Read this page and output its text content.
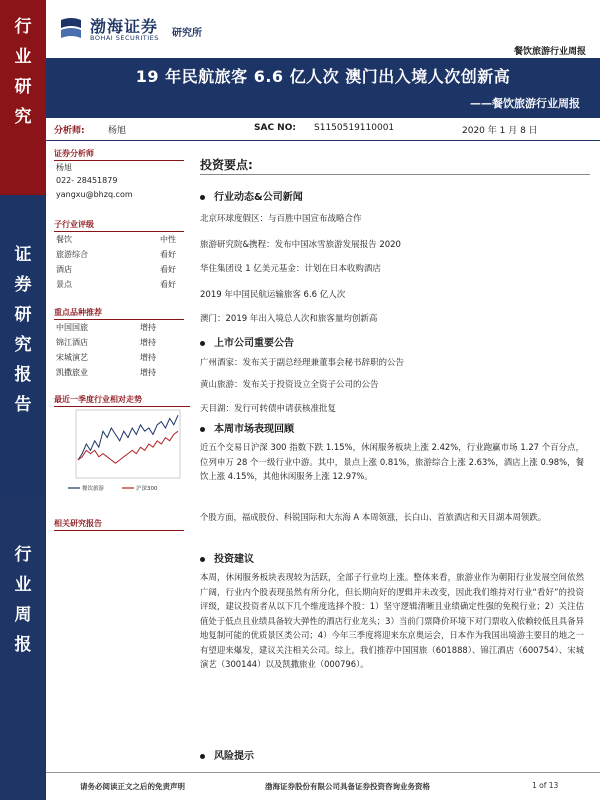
行
业
研
究
证
券
研
究
报
告
行
业
周
报
渤海证券
BOHAI SECURITIES 研究所
餐饮旅游行业周报
19 年民航旅客 6.6 亿人次 澳门出入境人次创新高
——餐饮旅游行业周报
分析师:	杨旭	SAC NO: S1150519110001	2020 年 1 月 8 日
证券分析师
杨旭
022- 28451879
yangxu@bhzq.com
子行业评级
餐饮	中性
旅游综合	看好
酒店	看好
景点	看好
重点品种推荐
中国国旅	增持
锦江酒店	增持
宋城演艺	增持
凯撒旅业	增持
最近一季度行业相对走势
餐饮旅游	沪深300
相关研究报告
投资要点:
行业动态&公司新闻
北京环球度假区：与百胜中国宣布战略合作
旅游研究院&携程：发布中国冰雪旅游发展报告 2020
华住集团设 1 亿美元基金：计划在日本收购酒店
2019 年中国民航运输旅客 6.6 亿人次
澳门：2019 年出入境总人次和旅客量均创新高
上市公司重要公告
广州酒家：发布关于副总经理兼董事会秘书辞职的公告
黄山旅游：发布关于投资设立全资子公司的公告
天目湖：发行可转债申请获核准批复
本周市场表现回顾
近五个交易日沪深 300 指数下跌 1.15%，休闲服务板块上涨 2.42%，行业跑赢市场 1.27 个百分点，位列申万 28 个一级行业中游。其中，景点上涨 0.81%，旅游综合上涨 2.63%，酒店上涨 0.98%，餐饮上涨 4.15%，其他休闲服务上涨 12.97%。
个股方面，福成股份、科锐国际和大东海 A 本周领涨，长白山、首旅酒店和天目湖本周领跌。
投资建议
本周，休闲服务板块表现较为活跃，全部子行业均上涨。整体来看，旅游业作为朝阳行业发展空间依然广阔，行业内个股表现虽然有所分化，但长期向好的逻辑并未改变，因此我们维持对行业“看好”的投资评级，建议投资者从以下几个维度选择个股：1）坚守逻辑清晰且业绩确定性强的免税行业；2）关注估值处于低点且业绩具备较大弹性的酒店行业龙头；3）当前门票降价环境下对门票收入依赖较低且具备异地复制可能的优质景区类公司；4）今年三季度将迎来东京奥运会，日本作为我国出境游主要目的地之一有望迎来爆发，建议关注相关公司。综上，我们推荐中国国旅（601888）、锦江酒店（600754）、宋城演艺（300144）以及凯撒旅业（000796）。
风险提示
请务必阅读正文之后的免责声明	渤海证券股份有限公司具备证券投资咨询业务资格	1 of 13
